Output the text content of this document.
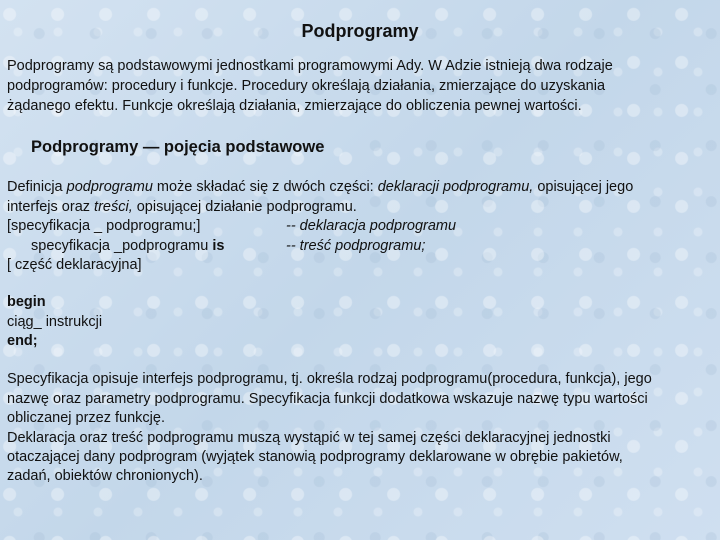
Podprogramy

Podprogramy są podstawowymi jednostkami programowymi Ady. W Adzie istnieją dwa rodzaje

podprogramów: procedury i funkcje. Procedury określają działania, zmierzające do uzyskania

żądanego efektu. Funkcje określają działania, zmierzające do obliczenia pewnej wartości.

Podprogramy — pojęcia podstawowe

Definicja podprogramu może składać się z dwóch części: deklaracji podprogramu, opisującej jego

interfejs oraz treści, opisującej działanie podprogramu.

[specyfikacja _ podprogramu;]	-- deklaracja podprogramu

specyfikacja _podprogramu is	-- treść podprogramu;

[ część deklaracyjna]

begin

ciąg_ instrukcji

end;

Specyfikacja opisuje interfejs podprogramu, tj. określa rodzaj podprogramu(procedura, funkcja), jego

nazwę oraz parametry podprogramu. Specyfikacja funkcji dodatkowa wskazuje nazwę typu wartości

obliczanej przez funkcję.

Deklaracja oraz treść podprogramu muszą wystąpić w tej samej części deklaracyjnej jednostki

otaczającej dany podprogram (wyjątek stanowią podprogramy deklarowane w obrębie pakietów,

zadań, obiektów chronionych).
